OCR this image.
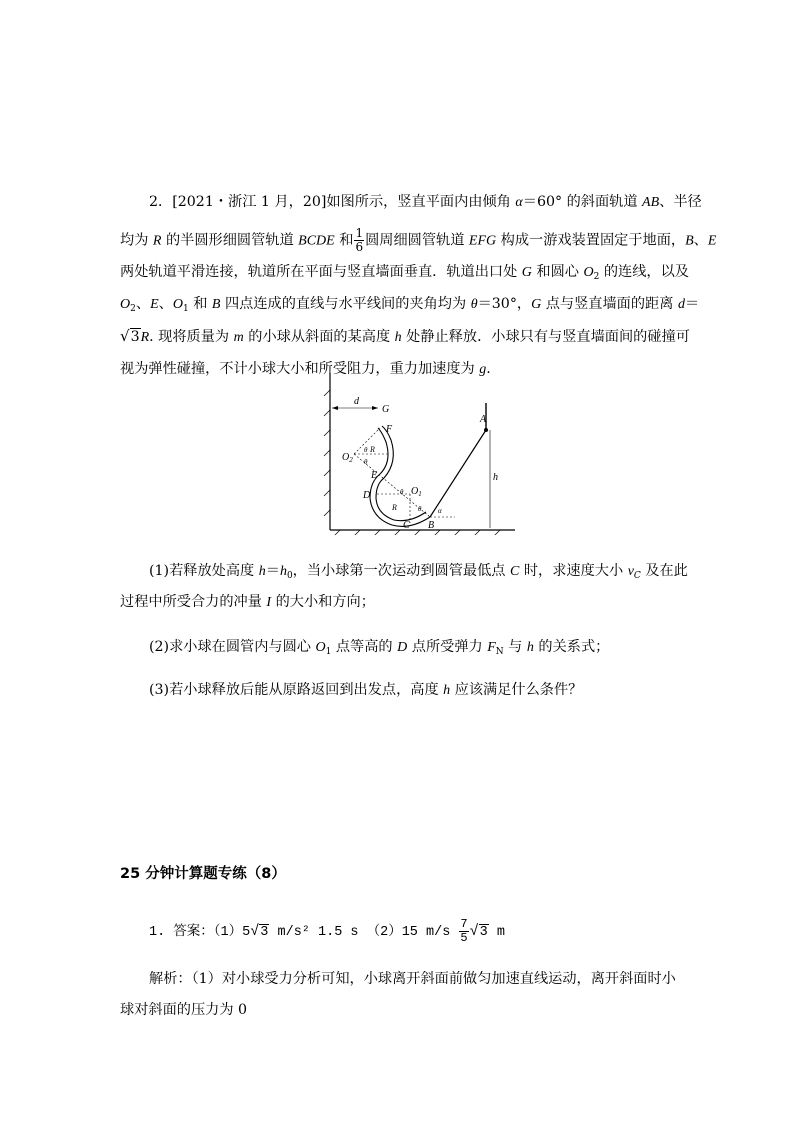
2．[2021・浙江 1 月，20]如图所示，竖直平面内由倾角 α＝60° 的斜面轨道 AB、半径
均为 R 的半圆形细圆管轨道 BCDE 和 $\frac{1}{6}$ 圆周细圆管轨道 EFG 构成一游戏装置固定于地面，B、E
两处轨道平滑连接，轨道所在平面与竖直墙面垂直．轨道出口处 G 和圆心 $O_2$ 的连线，以及
$O_2$、E、$O_1$ 和 B 四点连成的直线与水平线间的夹角均为 θ＝30°，G 点与竖直墙面的距离 d＝
√3R. 现将质量为 m 的小球从斜面的某高度 h 处静止释放．小球只有与竖直墙面间的碰撞可
视为弹性碰撞，不计小球大小和所受阻力，重力加速度为 g.
A
G
F
E
D
C B
$O_2$
$O_1$
d
h
R
R
θ
θ
θ
θ α
(1)若释放处高度 $h=h_0$，当小球第一次运动到圆管最低点 C 时，求速度大小 $v_C$ 及在此
过程中所受合力的冲量 I 的大小和方向；
(2)求小球在圆管内与圆心 $O_1$ 点等高的 D 点所受弹力 $F_N$ 与 h 的关系式；
(3)若小球释放后能从原路返回到出发点，高度 h 应该满足什么条件？
25 分钟计算题专练（8）
1. 答案：（1）5√3 m/s² 1.5 s （2）15 $m/s \frac{7}{5} √3$ m
解析：（1）对小球受力分析可知，小球离开斜面前做匀加速直线运动，离开斜面时小
球对斜面的压力为 0
